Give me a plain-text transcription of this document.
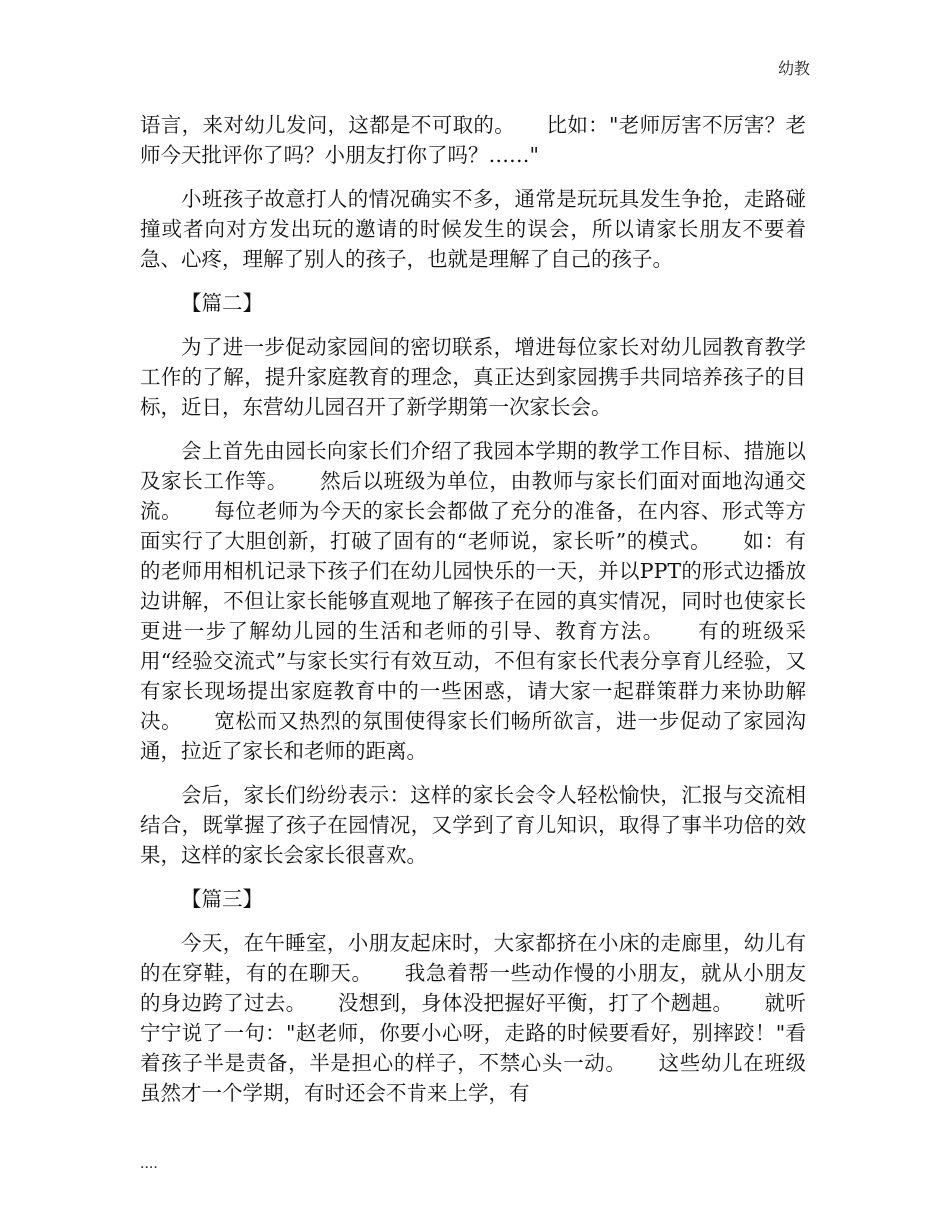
幼教

语言，来对幼儿发问，这都是不可取的。　　比如："老师厉害不厉害？老师今天批评你了吗？小朋友打你了吗？……"

小班孩子故意打人的情况确实不多，通常是玩玩具发生争抢，走路碰撞或者向对方发出玩的邀请的时候发生的误会，所以请家长朋友不要着急、心疼，理解了别人的孩子，也就是理解了自己的孩子。

【篇二】

为了进一步促动家园间的密切联系，增进每位家长对幼儿园教育教学工作的了解，提升家庭教育的理念，真正达到家园携手共同培养孩子的目标，近日，东营幼儿园召开了新学期第一次家长会。

会上首先由园长向家长们介绍了我园本学期的教学工作目标、措施以及家长工作等。　　然后以班级为单位，由教师与家长们面对面地沟通交流。　　每位老师为今天的家长会都做了充分的准备，在内容、形式等方面实行了大胆创新，打破了固有的“老师说，家长听”的模式。　　如：有的老师用相机记录下孩子们在幼儿园快乐的一天，并以PPT的形式边播放边讲解，不但让家长能够直观地了解孩子在园的真实情况，同时也使家长更进一步了解幼儿园的生活和老师的引导、教育方法。　　有的班级采用“经验交流式”与家长实行有效互动，不但有家长代表分享育儿经验，又有家长现场提出家庭教育中的一些困惑，请大家一起群策群力来协助解决。　　宽松而又热烈的氛围使得家长们畅所欲言，进一步促动了家园沟通，拉近了家长和老师的距离。

会后，家长们纷纷表示：这样的家长会令人轻松愉快，汇报与交流相结合，既掌握了孩子在园情况，又学到了育儿知识，取得了事半功倍的效果，这样的家长会家长很喜欢。

【篇三】

今天，在午睡室，小朋友起床时，大家都挤在小床的走廊里，幼儿有的在穿鞋，有的在聊天。　　我急着帮一些动作慢的小朋友，就从小朋友的身边跨了过去。　　没想到，身体没把握好平衡，打了个趔趄。　　就听宁宁说了一句："赵老师，你要小心呀，走路的时候要看好，别摔跤！"看着孩子半是责备，半是担心的样子，不禁心头一动。　　这些幼儿在班级虽然才一个学期，有时还会不肯来上学，有

....
